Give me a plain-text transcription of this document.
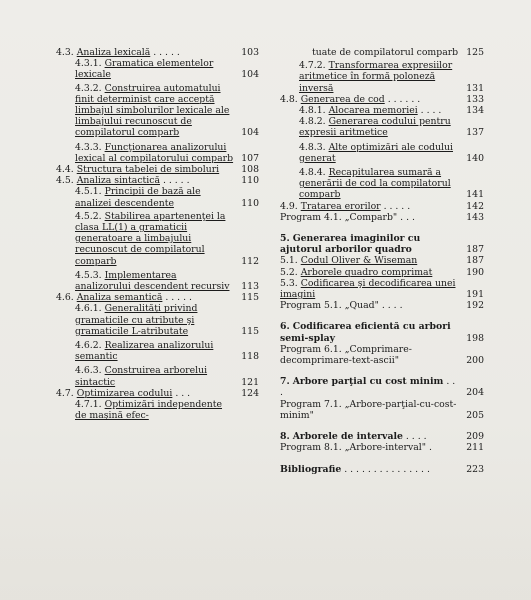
4.3. Analiza lexicală . . . . .	103
4.3.1. Gramatica elementelor lexicale	104
4.3.2. Construirea automatului finit determinist care acceptă limbajul simbolurilor lexicale ale limbajului recunoscut de compilatorul comparb	104
4.3.3. Funcţionarea analizorului lexical al compilatorului comparb 107
4.4. Structura tabelei de simboluri	108
4.5. Analiza sintactică . . . . .	110
4.5.1. Principii de bază ale analizei descendente	110
4.5.2. Stabilirea apartenenţei la clasa LL(1) a gramaticii generatoare a limbajului recunoscut de compilatorul comparb	112
4.5.3. Implementarea analizorului descendent recursiv	113
4.6. Analiza semantică . . . . .	115
4.6.1. Generalităţi privind gramaticile cu atribute şi gramaticile L-atributate	115
4.6.2. Realizarea analizorului semantic	118
4.6.3. Construirea arborelui sintactic	121
4.7. Optimizarea codului . . .	124
4.7.1. Optimizări independente de maşină efec-
tuate de compilatorul comparb 125
4.7.2. Transformarea expresiilor aritmetice în formă poloneză inversă	131
4.8. Generarea de cod . . . . . .	133
4.8.1. Alocarea memoriei . . . .	134
4.8.2. Generarea codului pentru expresii aritmetice	137
4.8.3. Alte optimizări ale codului generat	140
4.8.4. Recapitularea sumară a generării de cod la compilatorul comparb	141
4.9. Tratarea erorilor . . . . .	142
Program 4.1. „Comparb" . . .	143
5. Generarea imaginilor cu ajutorul arborilor quadro	187
5.1. Codul Oliver & Wiseman	187
5.2. Arborele quadro comprimat	190
5.3. Codificarea şi decodificarea unei imagini	191
Program 5.1. „Quad" . . . .	192
6. Codificarea eficientă cu arbori semi-splay	198
Program 6.1. „Comprimare-decomprimare-text-ascii"	200
7. Arbore parţial cu cost minim . . .	204
Program 7.1. „Arbore-parţial-cu-cost-minim"	205
8. Arborele de intervale . . . .	209
Program 8.1. „Arbore-interval" .	211
Bibliografie . . . . . . . . . . . . . . .	223
